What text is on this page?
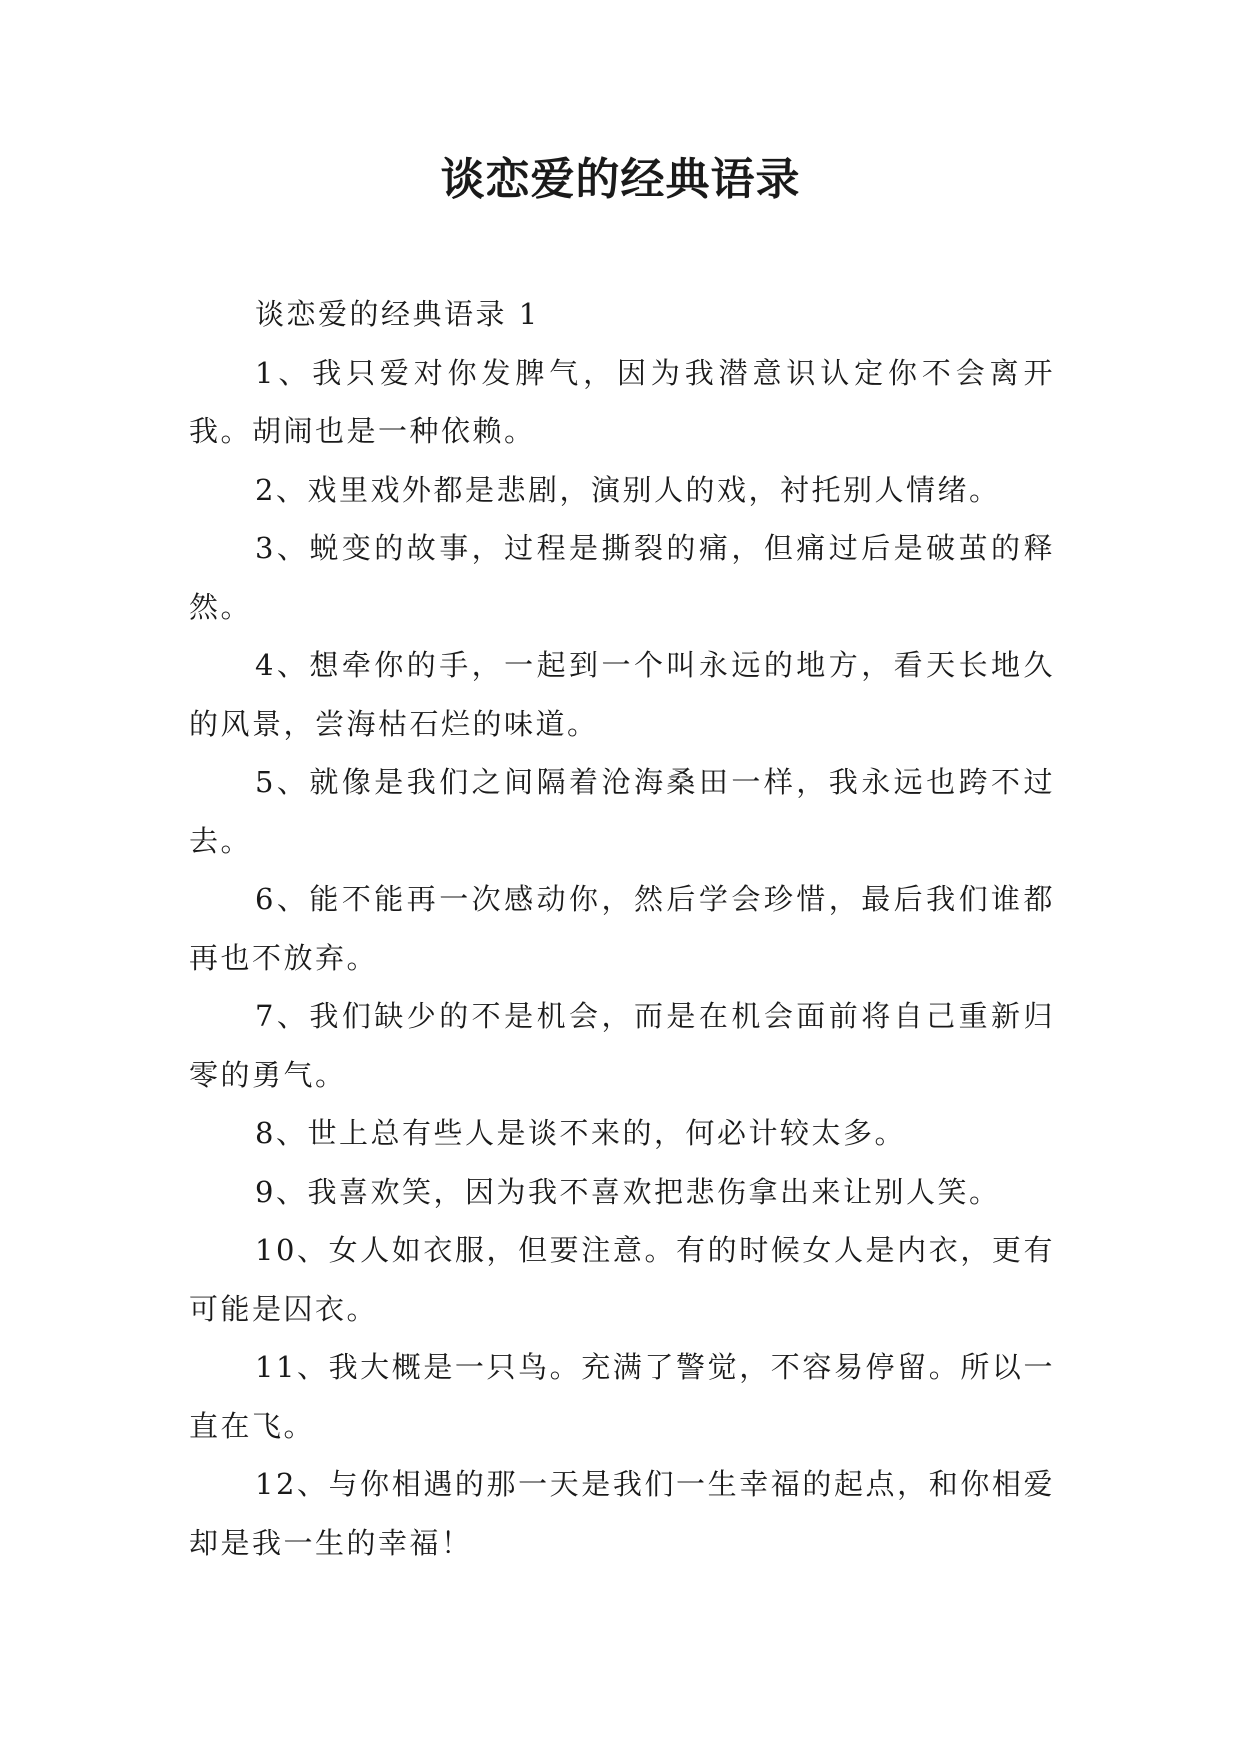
谈恋爱的经典语录

谈恋爱的经典语录 1

1、我只爱对你发脾气，因为我潜意识认定你不会离开我。胡闹也是一种依赖。

2、戏里戏外都是悲剧，演别人的戏，衬托别人情绪。

3、蜕变的故事，过程是撕裂的痛，但痛过后是破茧的释然。

4、想牵你的手，一起到一个叫永远的地方，看天长地久的风景，尝海枯石烂的味道。

5、就像是我们之间隔着沧海桑田一样，我永远也跨不过去。

6、能不能再一次感动你，然后学会珍惜，最后我们谁都再也不放弃。

7、我们缺少的不是机会，而是在机会面前将自己重新归零的勇气。

8、世上总有些人是谈不来的，何必计较太多。

9、我喜欢笑，因为我不喜欢把悲伤拿出来让别人笑。

10、女人如衣服，但要注意。有的时候女人是内衣，更有可能是囚衣。

11、我大概是一只鸟。充满了警觉，不容易停留。所以一直在飞。

12、与你相遇的那一天是我们一生幸福的起点，和你相爱却是我一生的幸福！
